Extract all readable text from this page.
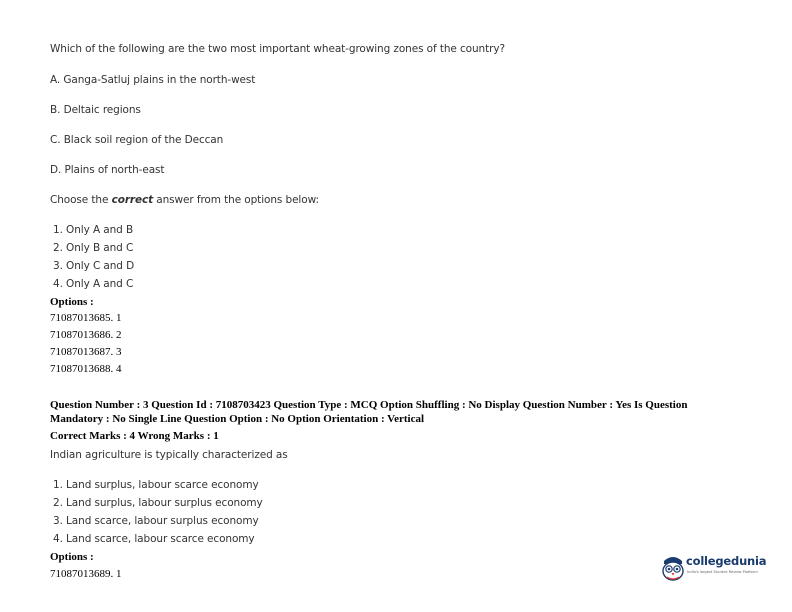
Which of the following are the two most important wheat-growing zones of the country?
A. Ganga-Satluj plains in the north-west
B. Deltaic regions
C. Black soil region of the Deccan
D. Plains of north-east
Choose the correct answer from the options below:
1. Only A and B
2. Only B and C
3. Only C and D
4. Only A and C
Options :
71087013685. 1
71087013686. 2
71087013687. 3
71087013688. 4
Question Number : 3 Question Id : 7108703423 Question Type : MCQ Option Shuffling : No Display Question Number : Yes Is Question
Mandatory : No Single Line Question Option : No Option Orientation : Vertical
Correct Marks : 4 Wrong Marks : 1
Indian agriculture is typically characterized as
1. Land surplus, labour scarce economy
2. Land surplus, labour surplus economy
3. Land scarce, labour surplus economy
4. Land scarce, labour scarce economy
Options :
71087013689. 1
collegedunia
India's largest Student Review Platform
